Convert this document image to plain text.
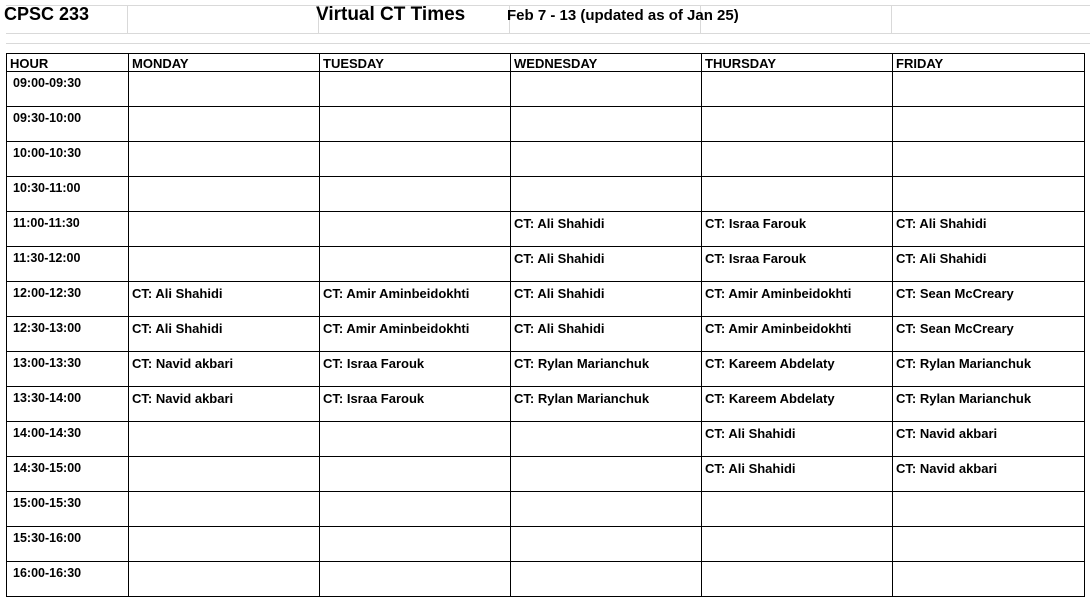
CPSC 233	Virtual CT Times	Feb 7 - 13 (updated as of Jan 25)
HOUR	MONDAY	TUESDAY	WEDNESDAY	THURSDAY	FRIDAY
09:00-09:30					
09:30-10:00					
10:00-10:30					
10:30-11:00					
11:00-11:30			CT: Ali Shahidi	CT: Israa Farouk	CT: Ali Shahidi
11:30-12:00			CT: Ali Shahidi	CT: Israa Farouk	CT: Ali Shahidi
12:00-12:30	CT: Ali Shahidi	CT: Amir Aminbeidokhti	CT: Ali Shahidi	CT: Amir Aminbeidokhti	CT: Sean McCreary
12:30-13:00	CT: Ali Shahidi	CT: Amir Aminbeidokhti	CT: Ali Shahidi	CT: Amir Aminbeidokhti	CT: Sean McCreary
13:00-13:30	CT: Navid akbari	CT: Israa Farouk	CT: Rylan Marianchuk	CT: Kareem Abdelaty	CT: Rylan Marianchuk
13:30-14:00	CT: Navid akbari	CT: Israa Farouk	CT: Rylan Marianchuk	CT: Kareem Abdelaty	CT: Rylan Marianchuk
14:00-14:30				CT: Ali Shahidi	CT: Navid akbari
14:30-15:00				CT: Ali Shahidi	CT: Navid akbari
15:00-15:30					
15:30-16:00					
16:00-16:30					
